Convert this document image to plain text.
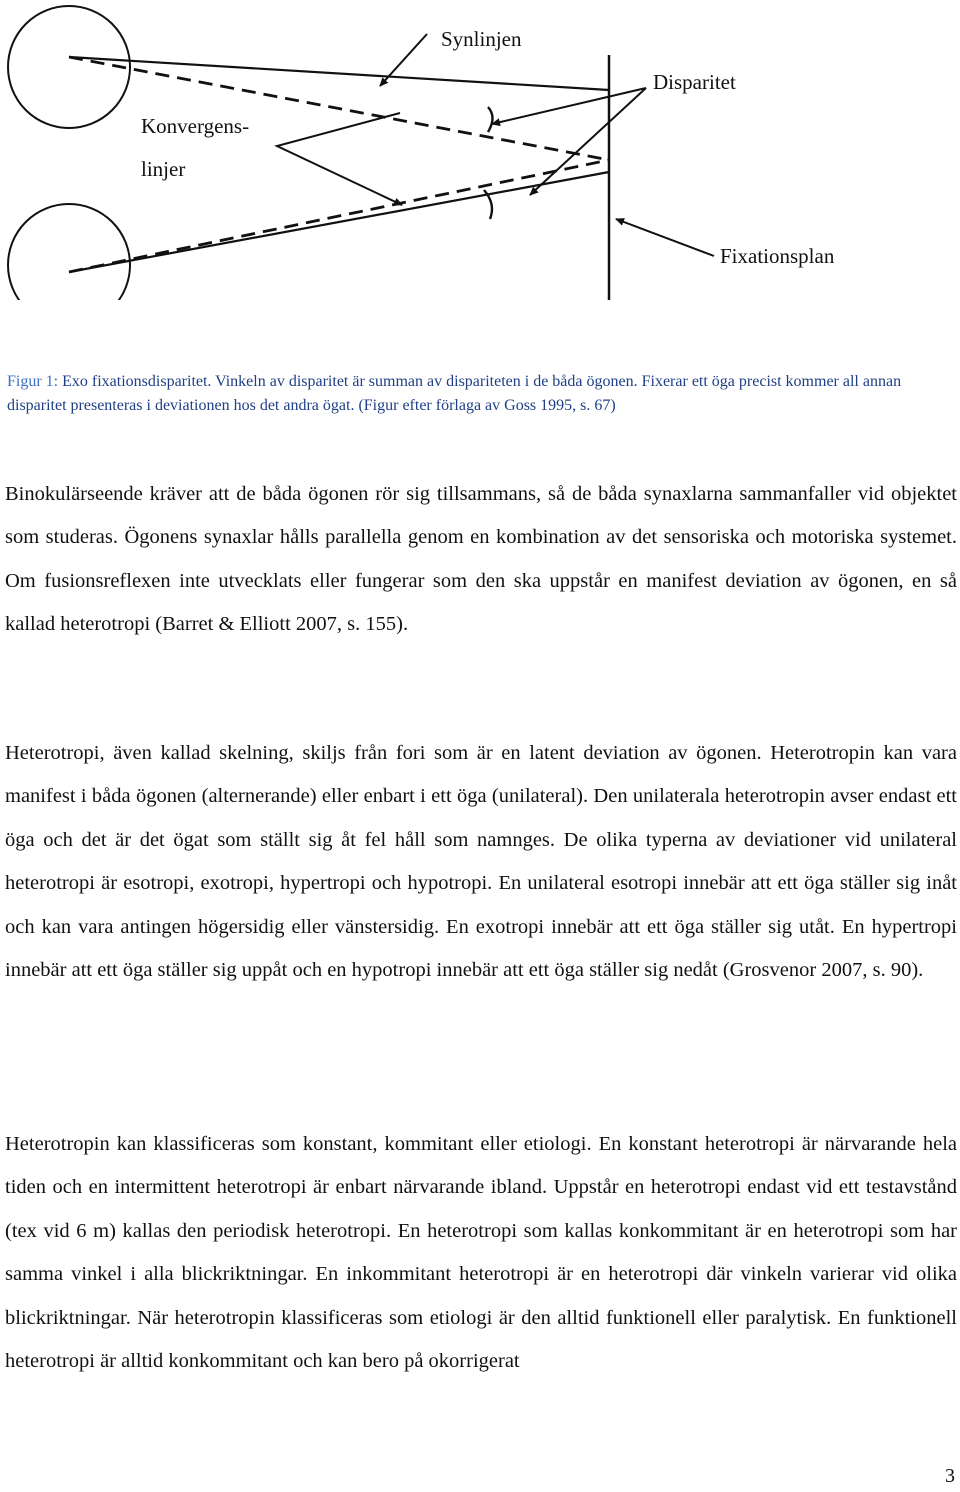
Synlinjen
Disparitet
Konvergens-
linjer
Fixationsplan
Figur 1: Exo fixationsdisparitet. Vinkeln av disparitet är summan av dispariteten i de båda ögonen. Fixerar ett öga precist kommer all annan disparitet presenteras i deviationen hos det andra ögat. (Figur efter förlaga av Goss 1995, s. 67)

Binokulärseende kräver att de båda ögonen rör sig tillsammans, så de båda synaxlarna sammanfaller vid objektet som studeras. Ögonens synaxlar hålls parallella genom en kombination av det sensoriska och motoriska systemet. Om fusionsreflexen inte utvecklats eller fungerar som den ska uppstår en manifest deviation av ögonen, en så kallad heterotropi (Barret & Elliott 2007, s. 155).

Heterotropi, även kallad skelning, skiljs från fori som är en latent deviation av ögonen. Heterotropin kan vara manifest i båda ögonen (alternerande) eller enbart i ett öga (unilateral). Den unilaterala heterotropin avser endast ett öga och det är det ögat som ställt sig åt fel håll som namnges. De olika typerna av deviationer vid unilateral heterotropi är esotropi, exotropi, hypertropi och hypotropi. En unilateral esotropi innebär att ett öga ställer sig inåt och kan vara antingen högersidig eller vänstersidig. En exotropi innebär att ett öga ställer sig utåt. En hypertropi innebär att ett öga ställer sig uppåt och en hypotropi innebär att ett öga ställer sig nedåt (Grosvenor 2007, s. 90).

Heterotropin kan klassificeras som konstant, kommitant eller etiologi. En konstant heterotropi är närvarande hela tiden och en intermittent heterotropi är enbart närvarande ibland. Uppstår en heterotropi endast vid ett testavstånd (tex vid 6 m) kallas den periodisk heterotropi. En heterotropi som kallas konkommitant är en heterotropi som har samma vinkel i alla blickriktningar. En inkommitant heterotropi är en heterotropi där vinkeln varierar vid olika blickriktningar. När heterotropin klassificeras som etiologi är den alltid funktionell eller paralytisk. En funktionell heterotropi är alltid konkommitant och kan bero på okorrigerat

3
